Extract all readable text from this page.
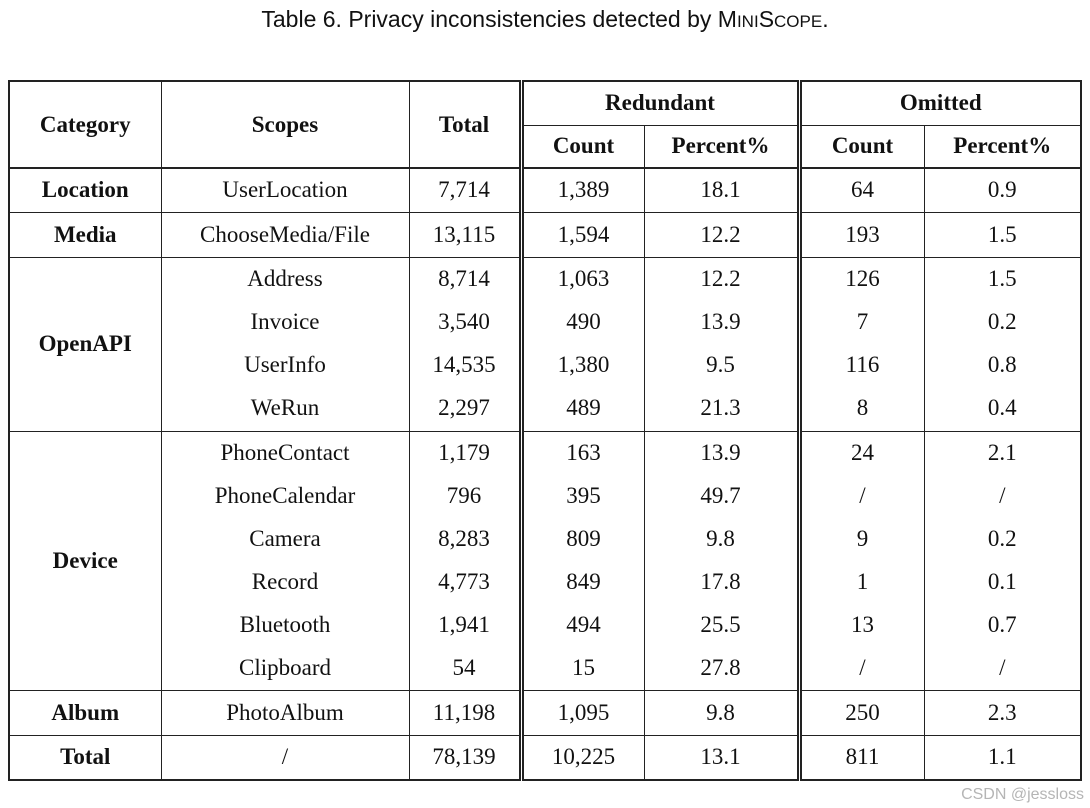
Table 6. Privacy inconsistencies detected by MINISCOPE.
Category	Scopes	Total	Redundant		Omitted	
			Count	Percent%	Count	Percent%
Location	UserLocation	7,714	1,389	18.1	64	0.9
Media	ChooseMedia/File	13,115	1,594	12.2	193	1.5
OpenAPI	Address	8,714	1,063	12.2	126	1.5
	Invoice	3,540	490	13.9	7	0.2
	UserInfo	14,535	1,380	9.5	116	0.8
	WeRun	2,297	489	21.3	8	0.4
Device	PhoneContact	1,179	163	13.9	24	2.1
	PhoneCalendar	796	395	49.7	/	/
	Camera	8,283	809	9.8	9	0.2
	Record	4,773	849	17.8	1	0.1
	Bluetooth	1,941	494	25.5	13	0.7
	Clipboard	54	15	27.8	/	/
Album	PhotoAlbum	11,198	1,095	9.8	250	2.3
Total	/	78,139	10,225	13.1	811	1.1
CSDN @jessloss
